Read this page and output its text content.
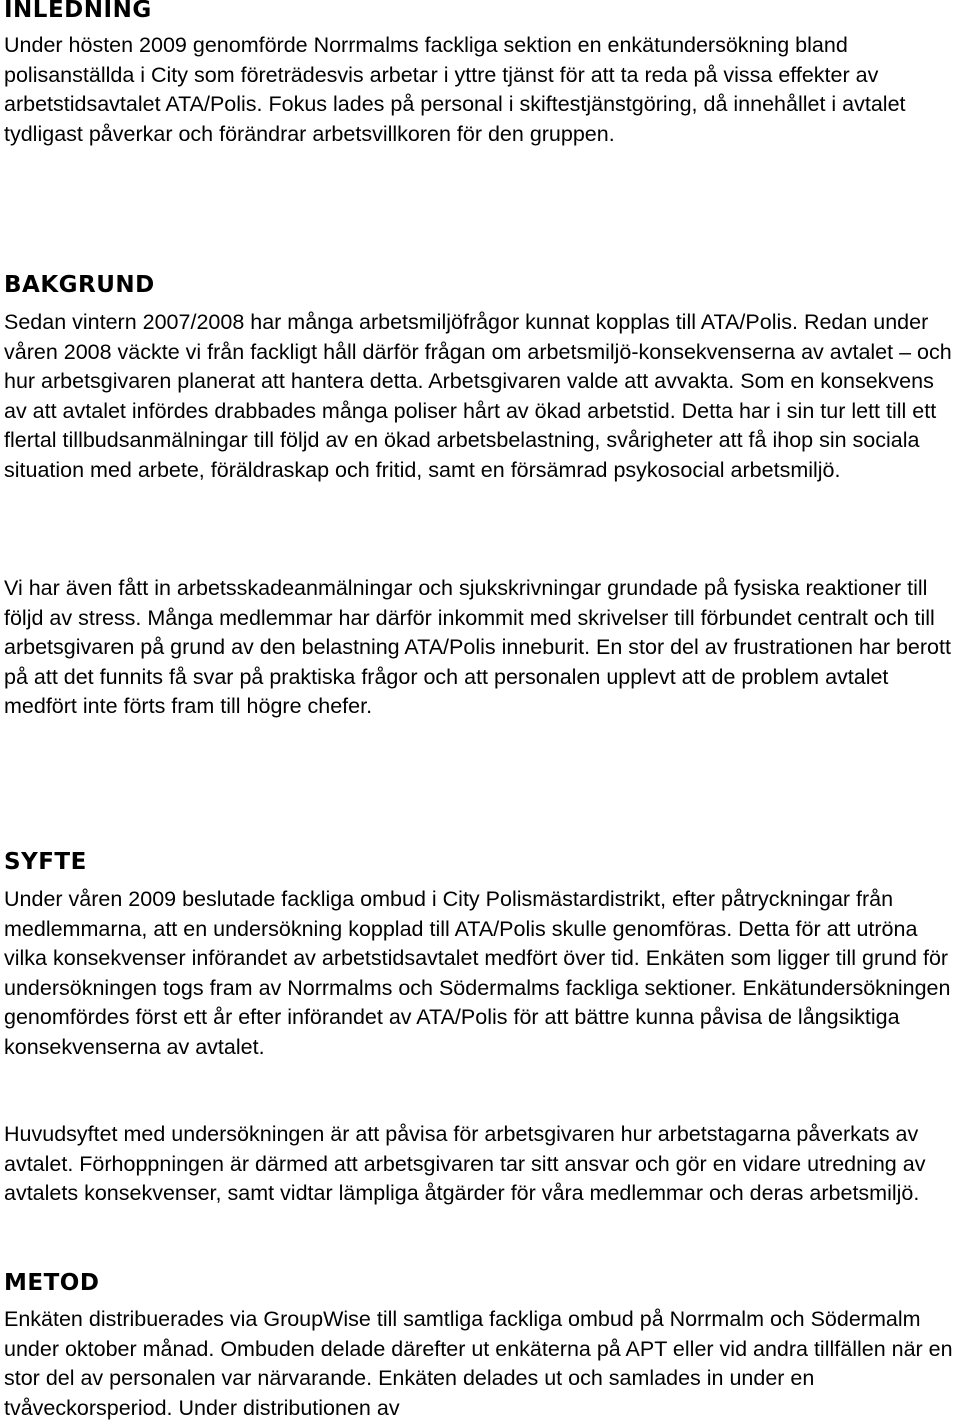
INLEDNING

Under hösten 2009 genomförde Norrmalms fackliga sektion en enkätundersökning bland polisanställda i City som företrädesvis arbetar i yttre tjänst för att ta reda på vissa effekter av arbetstidsavtalet ATA/Polis. Fokus lades på personal i skiftestjänstgöring, då innehållet i avtalet tydligast påverkar och förändrar arbetsvillkoren för den gruppen.

BAKGRUND

Sedan vintern 2007/2008 har många arbetsmiljöfrågor kunnat kopplas till ATA/Polis. Redan under våren 2008 väckte vi från fackligt håll därför frågan om arbetsmiljö-konsekvenserna av avtalet – och hur arbetsgivaren planerat att hantera detta. Arbetsgivaren valde att avvakta. Som en konsekvens av att avtalet infördes drabbades många poliser hårt av ökad arbetstid. Detta har i sin tur lett till ett flertal tillbudsanmälningar till följd av en ökad arbetsbelastning, svårigheter att få ihop sin sociala situation med arbete, föräldraskap och fritid, samt en försämrad psykosocial arbetsmiljö.

Vi har även fått in arbetsskadeanmälningar och sjukskrivningar grundade på fysiska reaktioner till följd av stress. Många medlemmar har därför inkommit med skrivelser till förbundet centralt och till arbetsgivaren på grund av den belastning ATA/Polis inneburit. En stor del av frustrationen har berott på att det funnits få svar på praktiska frågor och att personalen upplevt att de problem avtalet medfört inte förts fram till högre chefer.

SYFTE

Under våren 2009 beslutade fackliga ombud i City Polismästardistrikt, efter påtryckningar från medlemmarna, att en undersökning kopplad till ATA/Polis skulle genomföras. Detta för att utröna vilka konsekvenser införandet av arbetstidsavtalet medfört över tid. Enkäten som ligger till grund för undersökningen togs fram av Norrmalms och Södermalms fackliga sektioner. Enkätundersökningen genomfördes först ett år efter införandet av ATA/Polis för att bättre kunna påvisa de långsiktiga konsekvenserna av avtalet.

Huvudsyftet med undersökningen är att påvisa för arbetsgivaren hur arbetstagarna påverkats av avtalet. Förhoppningen är därmed att arbetsgivaren tar sitt ansvar och gör en vidare utredning av avtalets konsekvenser, samt vidtar lämpliga åtgärder för våra medlemmar och deras arbetsmiljö.

METOD

Enkäten distribuerades via GroupWise till samtliga fackliga ombud på Norrmalm och Södermalm under oktober månad. Ombuden delade därefter ut enkäterna på APT eller vid andra tillfällen när en stor del av personalen var närvarande. Enkäten delades ut och samlades in under en tvåveckorsperiod. Under distributionen av
